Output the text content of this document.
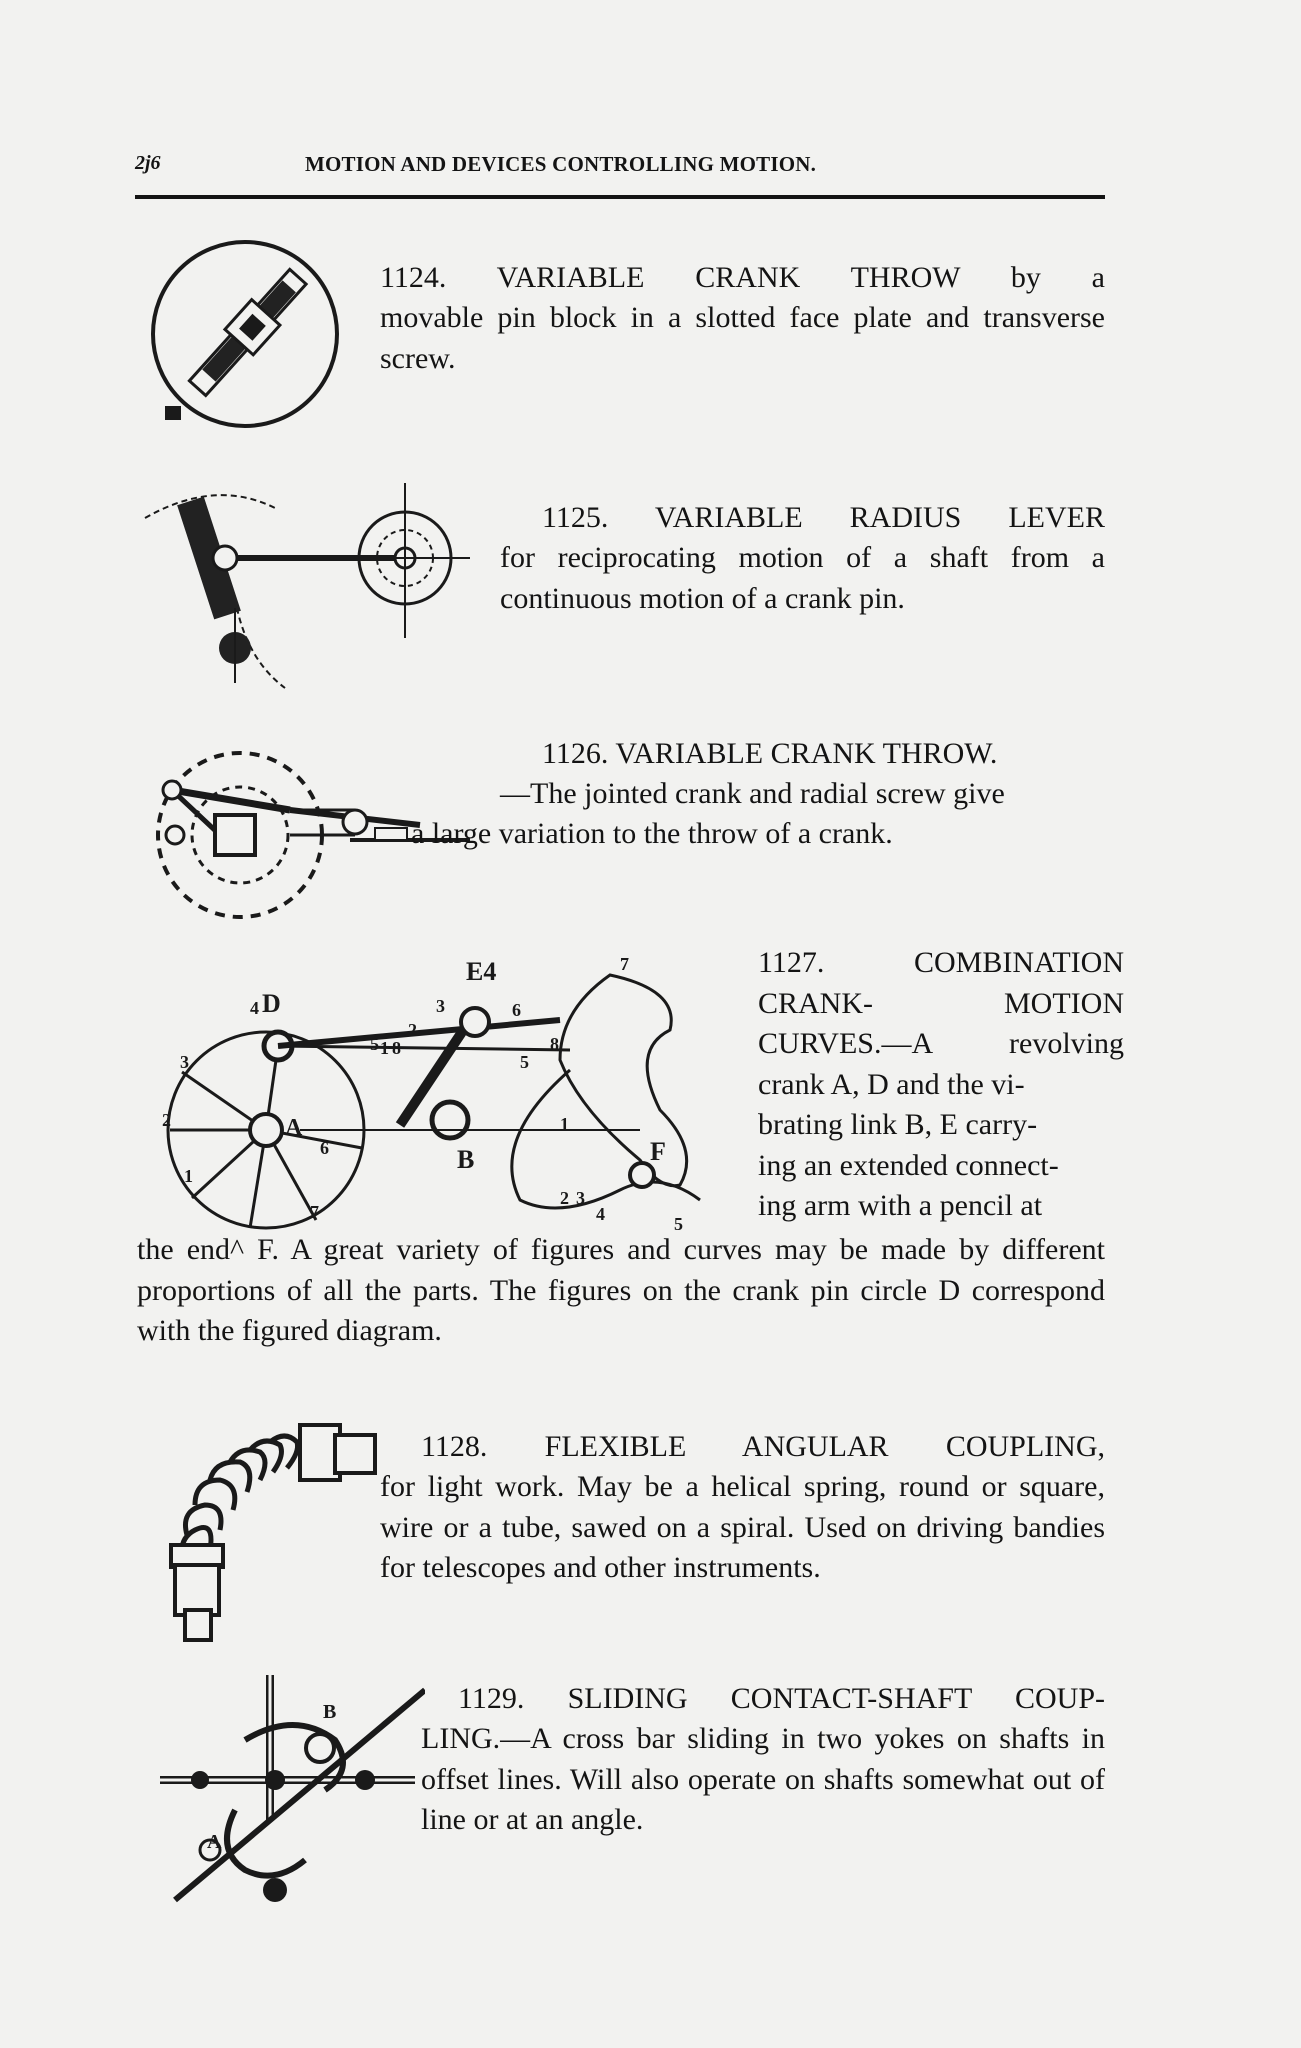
2j6	MOTION AND DEVICES CONTROLLING MOTION.
1124. VARIABLE CRANK THROW by a
movable pin block in a slotted face plate and transverse screw.
1125. VARIABLE RADIUS LEVER
for reciprocating motion of a shaft from a continuous motion of a crank pin.
1126. VARIABLE CRANK THROW.
—The jointed crank and radial screw give
a large variation to the throw of a crank.
D
E4
A
B	F
2
3
4
1
6
7
5 1 8
2
3	6
5
8
7
1
2 3
4	5
1127. COMBINATION
CRANK- MOTION
CURVES.—A revolving
crank A, D and the vi-
brating link B, E carry-
ing an extended connect-
ing arm with a pencil at
the end^ F. A great variety of figures and curves may be made by different proportions of all the parts. The figures on the crank pin circle D correspond with the figured diagram.
1128. FLEXIBLE ANGULAR COUPLING,
for light work. May be a helical spring, round or square, wire or a tube, sawed on a spiral. Used on driving bandies for telescopes and other instruments.
B
A
1129. SLIDING CONTACT-SHAFT COUP-
LING.—A cross bar sliding in two yokes on shafts in offset lines. Will also operate on shafts somewhat out of line or at an angle.
